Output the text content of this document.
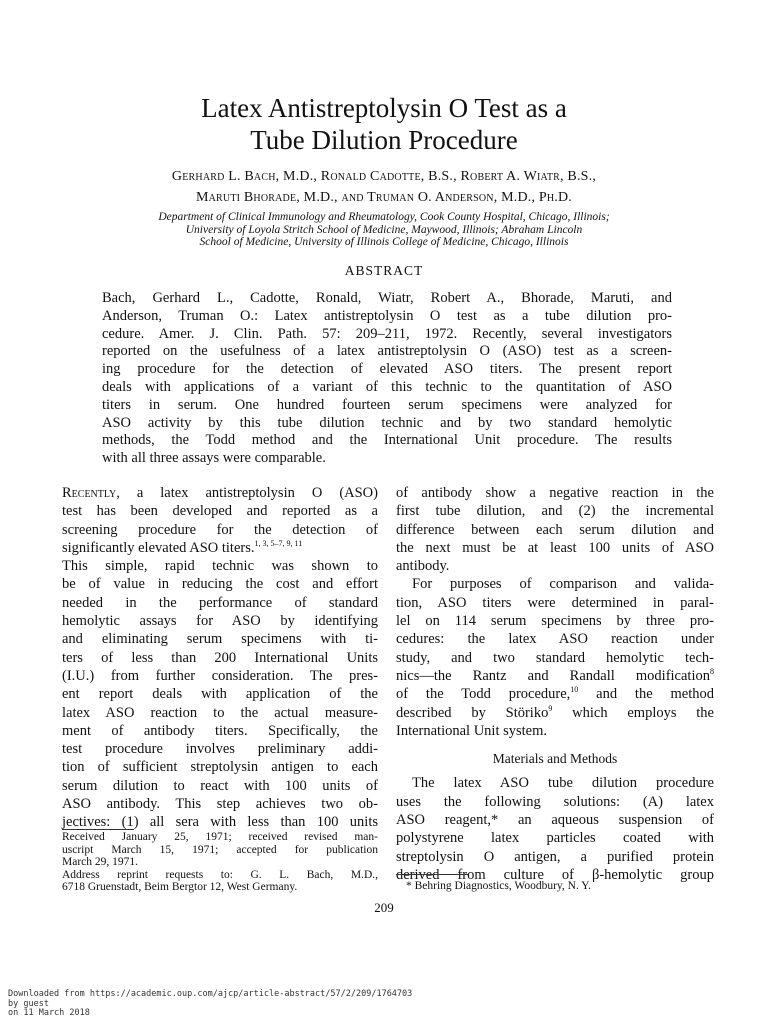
Latex Antistreptolysin O Test as a
Tube Dilution Procedure
Gerhard L. Bach, M.D., Ronald Cadotte, B.S., Robert A. Wiatr, B.S.,
Maruti Bhorade, M.D., and Truman O. Anderson, M.D., Ph.D.
Department of Clinical Immunology and Rheumatology, Cook County Hospital, Chicago, Illinois;
University of Loyola Stritch School of Medicine, Maywood, Illinois; Abraham Lincoln
School of Medicine, University of Illinois College of Medicine, Chicago, Illinois
ABSTRACT
Bach, Gerhard L., Cadotte, Ronald, Wiatr, Robert A., Bhorade, Maruti, and
Anderson, Truman O.: Latex antistreptolysin O test as a tube dilution pro-
cedure. Amer. J. Clin. Path. 57: 209–211, 1972. Recently, several investigators
reported on the usefulness of a latex antistreptolysin O (ASO) test as a screen-
ing procedure for the detection of elevated ASO titers. The present report
deals with applications of a variant of this technic to the quantitation of ASO
titers in serum. One hundred fourteen serum specimens were analyzed for
ASO activity by this tube dilution technic and by two standard hemolytic
methods, the Todd method and the International Unit procedure. The results
with all three assays were comparable.
Recently, a latex antistreptolysin O (ASO)
test has been developed and reported as a
screening procedure for the detection of
significantly elevated ASO titers.$^{1, 3, 5-7, 9, 11}$
This simple, rapid technic was shown to
be of value in reducing the cost and effort
needed in the performance of standard
hemolytic assays for ASO by identifying
and eliminating serum specimens with ti-
ters of less than 200 International Units
(I.U.) from further consideration. The pres-
ent report deals with application of the
latex ASO reaction to the actual measure-
ment of antibody titers. Specifically, the
test procedure involves preliminary addi-
tion of sufficient streptolysin antigen to each
serum dilution to react with 100 units of
ASO antibody. This step achieves two ob-
jectives: (1) all sera with less than 100 units
Received January 25, 1971; received revised man-
uscript March 15, 1971; accepted for publication
March 29, 1971.
Address reprint requests to: G. L. Bach, M.D.,
6718 Gruenstadt, Beim Bergtor 12, West Germany.
of antibody show a negative reaction in the
first tube dilution, and (2) the incremental
difference between each serum dilution and
the next must be at least 100 units of ASO
antibody.
For purposes of comparison and valida-
tion, ASO titers were determined in paral-
lel on 114 serum specimens by three pro-
cedures: the latex ASO reaction under
study, and two standard hemolytic tech-
nics—the Rantz and Randall modification$^8$
of the Todd procedure,$^{10}$ and the method
described by Störiko$^9$ which employs the
International Unit system.
Materials and Methods
The latex ASO tube dilution procedure
uses the following solutions: (A) latex
ASO reagent,* an aqueous suspension of
polystyrene latex particles coated with
streptolysin O antigen, a purified protein
derived from culture of β-hemolytic group
* Behring Diagnostics, Woodbury, N. Y.
209
Downloaded from https://academic.oup.com/ajcp/article-abstract/57/2/209/1764703
by guest
on 11 March 2018
